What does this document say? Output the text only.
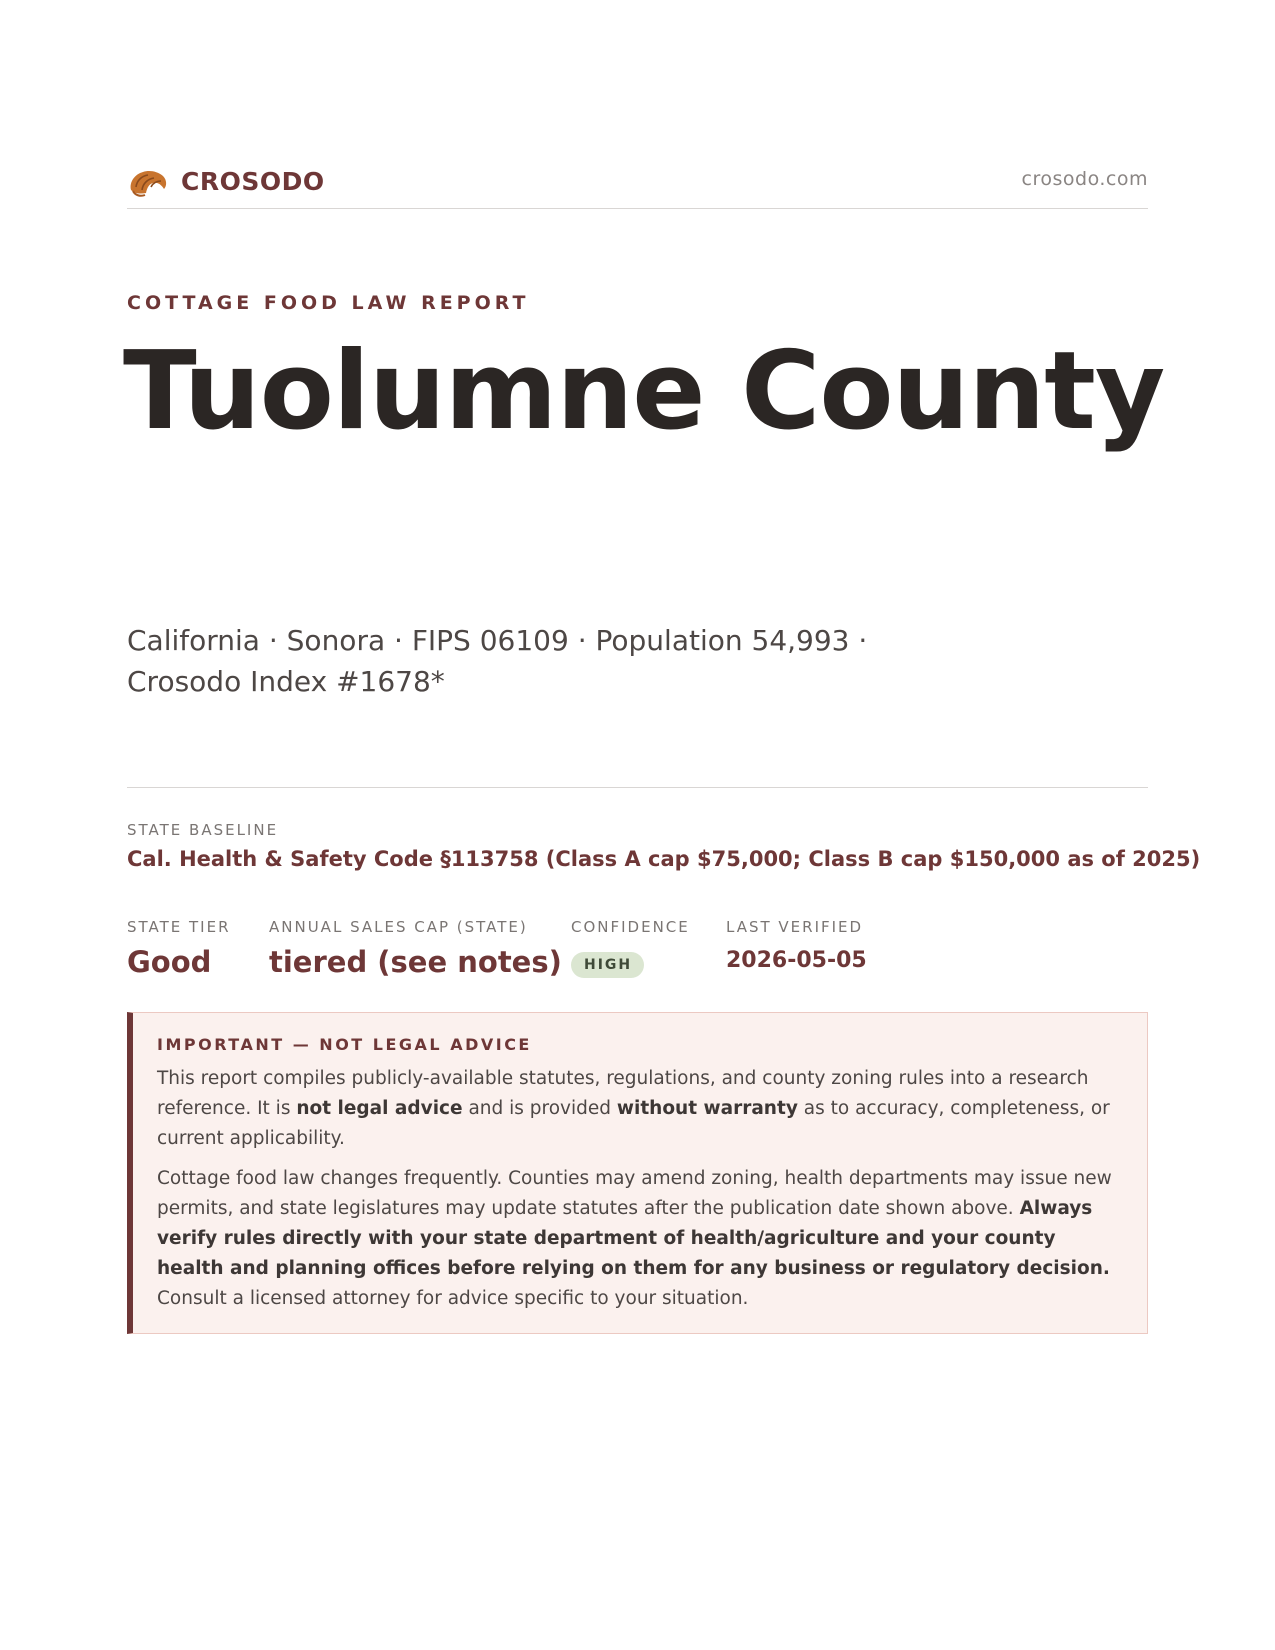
CROSODO	crosodo.com
COTTAGE FOOD LAW REPORT
Tuolumne County
California · Sonora · FIPS 06109 · Population 54,993 ·
Crosodo Index #1678*
STATE BASELINE
Cal. Health & Safety Code §113758 (Class A cap $75,000; Class B cap $150,000 as of 2025)
STATE TIER
Good
ANNUAL SALES CAP (STATE)
tiered (see notes)
CONFIDENCE
HIGH
LAST VERIFIED
2026-05-05
IMPORTANT — NOT LEGAL ADVICE

This report compiles publicly-available statutes, regulations, and county zoning rules into a research reference. It is not legal advice and is provided without warranty as to accuracy, completeness, or current applicability.

Cottage food law changes frequently. Counties may amend zoning, health departments may issue new permits, and state legislatures may update statutes after the publication date shown above. Always verify rules directly with your state department of health/agriculture and your county health and planning offices before relying on them for any business or regulatory decision. Consult a licensed attorney for advice specific to your situation.
